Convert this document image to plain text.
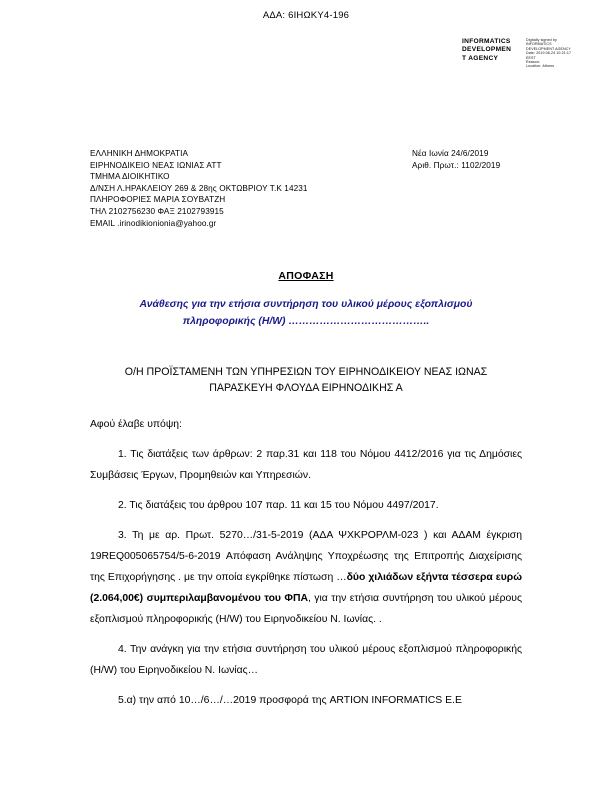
ΑΔΑ: 6ΙΗΩΚΥ4-196
INFORMATICS
DEVELOPMEN
T AGENCY
Digitally signed by
INFORMATICS
DEVELOPMENT AGENCY
Date: 2019.06.24 10:21:17
EEST
Reason:
Location: Athens
ΕΛΛΗΝΙΚΗ ΔΗΜΟΚΡΑΤΙΑ
ΕΙΡΗΝΟΔΙΚΕΙΟ ΝΕΑΣ ΙΩΝΙΑΣ ΑΤΤ
ΤΜΗΜΑ ΔΙΟΙΚΗΤΙΚΟ
Δ/ΝΣΗ Λ.ΗΡΑΚΛΕΙΟΥ 269 & 28ης ΟΚΤΩΒΡΙΟΥ Τ.Κ 14231
ΠΛΗΡΟΦΟΡΙΕΣ ΜΑΡΙΑ ΣΟΥΒΑΤΖΗ
ΤΗΛ 2102756230 ΦΑΞ 2102793915
EMAIL .irinodikionionia@yahoo.gr
Νέα Ιωνία 24/6/2019
Αριθ. Πρωτ.: 1102/2019
ΑΠΟΦΑΣΗ
Ανάθεσης για την ετήσια συντήρηση του υλικού μέρους εξοπλισμού
πληροφορικής (Η/W) …………………………………..
Ο/Η ΠΡΟΪΣΤΑΜΕΝΗ ΤΩΝ ΥΠΗΡΕΣΙΩΝ ΤΟΥ ΕΙΡΗΝΟΔΙΚΕΙΟΥ ΝΕΑΣ ΙΩΝΑΣ
ΠΑΡΑΣΚΕΥΗ ΦΛΟΥΔΑ ΕΙΡΗΝΟΔΙΚΗΣ Α

Αφού έλαβε υπόψη:

1. Τις διατάξεις των άρθρων: 2 παρ.31 και 118 του Νόμου 4412/2016 για τις Δημόσιες Συμβάσεις Έργων, Προμηθειών και Υπηρεσιών.

2. Τις διατάξεις του άρθρου 107 παρ. 11 και 15 του Νόμου 4497/2017.

3. Τη με αρ. Πρωτ. 5270…/31-5-2019 (ΑΔΑ ΨΧΚΡΟΡΛΜ-023 ) και ΑΔΑΜ έγκριση 19REQ005065754/5-6-2019 Απόφαση Ανάληψης Υποχρέωσης της Επιτροπής Διαχείρισης της Επιχορήγησης . με την οποία εγκρίθηκε πίστωση …δύο χιλιάδων εξήντα τέσσερα ευρώ (2.064,00€) συμπεριλαμβανομένου του ΦΠΑ, για την ετήσια συντήρηση του υλικού μέρους εξοπλισμού πληροφορικής (Η/W) του Ειρηνοδικείου Ν. Ιωνίας. .

4. Την ανάγκη για την ετήσια συντήρηση του υλικού μέρους εξοπλισμού πληροφορικής (Η/W) του Ειρηνοδικείου Ν. Ιωνίας…

5.α) την από 10…/6…/…2019 προσφορά της ARTION INFORMATICS E.E
